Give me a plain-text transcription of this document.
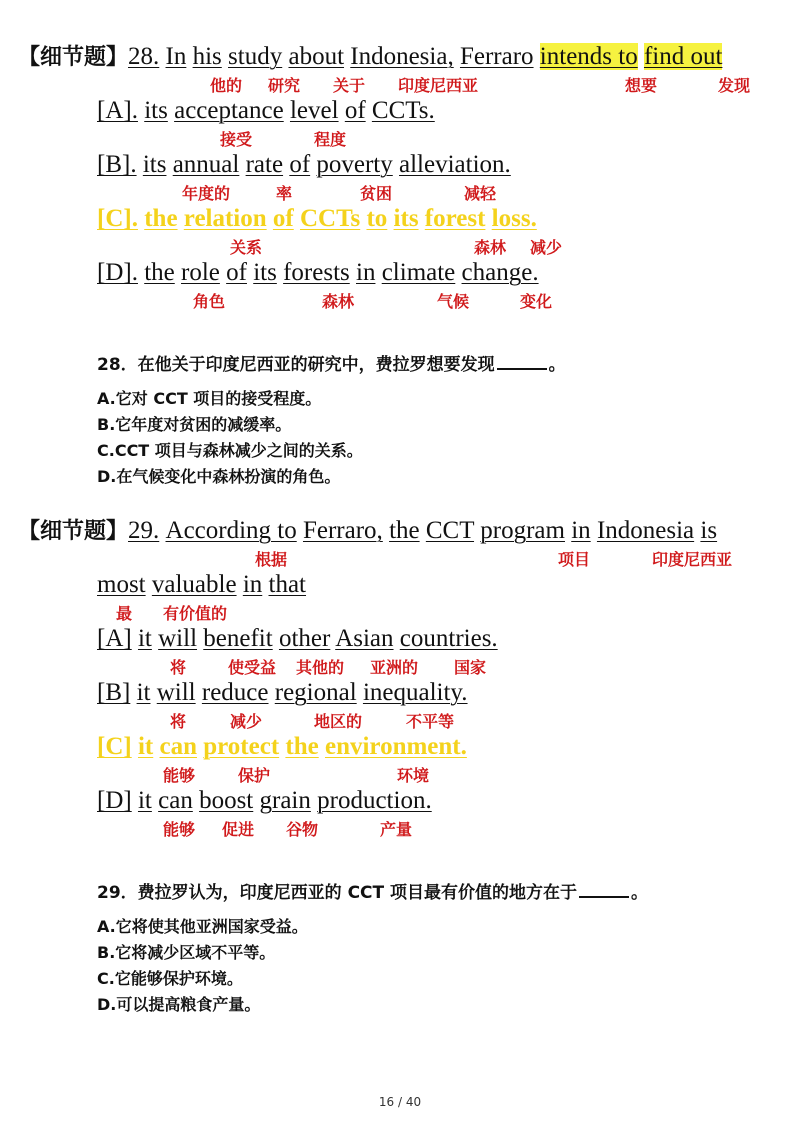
【细节题】28. In his study about Indonesia, Ferraro intends to find out
他的 研究 关于 印度尼西亚	想要	发现
[A]. its acceptance level of CCTs.
接受	程度
[B]. its annual rate of poverty alleviation.
年度的	率	贫困	减轻
[C]. the relation of CCTs to its forest loss.
关系	森林 减少
[D]. the role of its forests in climate change.
角色	森林	气候	变化
28．在他关于印度尼西亚的研究中，费拉罗想要发现	。
A.它对 CCT 项目的接受程度。
B.它年度对贫困的减缓率。
C.CCT 项目与森林减少之间的关系。
D.在气候变化中森林扮演的角色。
【细节题】29. According to Ferraro, the CCT program in Indonesia is
根据	项目	印度尼西亚
most valuable in that
最 有价值的
[A] it will benefit other Asian countries.
将	使受益 其他的 亚洲的 国家
[B] it will reduce regional inequality.
将	减少	地区的	不平等
[C] it can protect the environment.
能够	保护	环境
[D] it can boost grain production.
能够 促进 谷物	产量
29．费拉罗认为，印度尼西亚的 CCT 项目最有价值的地方在于	。
A.它将使其他亚洲国家受益。
B.它将减少区域不平等。
C.它能够保护环境。
D.可以提高粮食产量。
16 / 40
